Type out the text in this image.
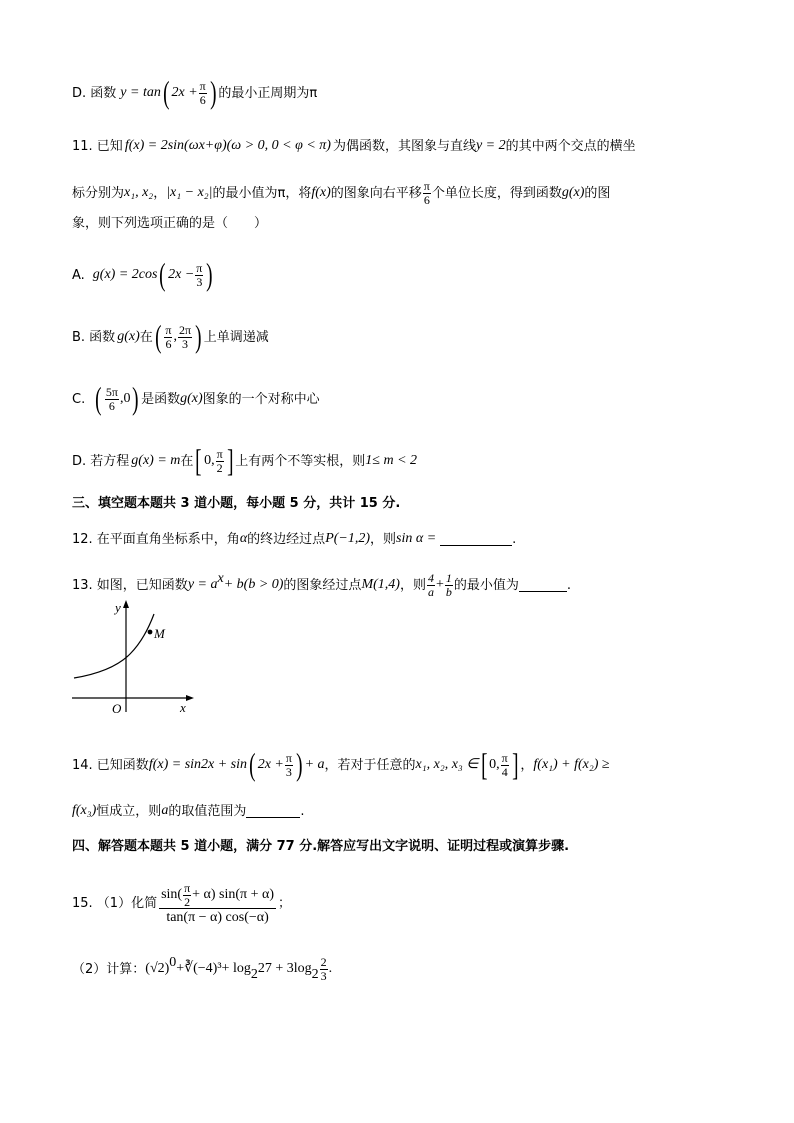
D. 函数 y = tan ( $2x + \frac{\pi}{6}$ ) 的最小正周期为π
11. 已知 f(x) = 2sin(ωx+φ)(ω > 0, 0 < φ < π) 为偶函数，其图象与直线 y = 2 的其中两个交点的横坐
标分别为 x₁, x₂ ， |x₁ − x₂| 的最小值为π，将 f(x) 的图象向右平移 $\frac{\pi}{6}$ 个单位长度，得到函数 g(x) 的图
象，则下列选项正确的是（　　）
A. g(x) = 2cos ( $2x - \frac{\pi}{3}$ )
B. 函数 g(x) 在 ( $\frac{\pi}{6}$ , $\frac{2\pi}{3}$ ) 上单调递减
C. ( $\frac{5\pi}{6} ,0$ ) 是函数 g(x) 图象的一个对称中心
D. 若方程 g(x) = m 在 [ 0, $\frac{\pi}{2}$ ] 上有两个不等实根，则 1≤ m < 2
三、填空题本题共 3 道小题，每小题 5 分，共计 15 分.
12. 在平面直角坐标系中，角 α 的终边经过点 P(−1,2) ，则 sin α =	.
13. 如图，已知函数 y = a x + b(b > 0) 的图象经过点 M(1,4) ，则 $\frac{4}{a} + \frac{1}{b}$ 的最小值为	.
M
y
x
O
14. 已知函数 f(x) = sin2x + sin ( $2x + \frac{\pi}{3}$ ) + a ，若对于任意的 x₁, x₂, x₃ ∈ [ 0, $\frac{\pi}{4}$ ] ， f(x₁) + f(x₂) ≥
f(x₃) 恒成立，则 a 的取值范围为	.
四、解答题本题共 5 道小题，满分 77 分.解答应写出文字说明、证明过程或演算步骤.
15. （1）化简 $\frac{\sin( \frac{\pi}{2} + \alpha) \sin(\pi + \alpha)}{\tan(\pi - \alpha) \cos(-\alpha)}$ ；
（2）计算： (√2) 0 + ∛(−4)³ + log 2 27 + 3log $2 \frac{2}{3}$ .
